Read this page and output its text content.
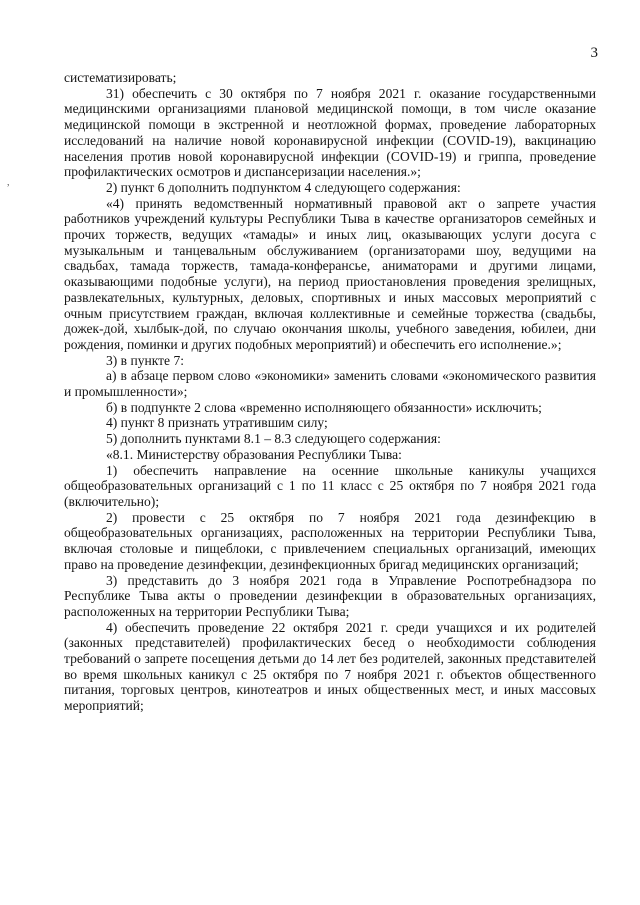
3
,

систематизировать;

31) обеспечить с 30 октября по 7 ноября 2021 г. оказание государственными медицинскими организациями плановой медицинской помощи, в том числе оказание медицинской помощи в экстренной и неотложной формах, проведение лабораторных исследований на наличие новой коронавирусной инфекции (COVID-19), вакцинацию населения против новой коронавирусной инфекции (COVID-19) и гриппа, проведение профилактических осмотров и диспансеризации населения.»;

2) пункт 6 дополнить подпунктом 4 следующего содержания:

«4) принять ведомственный нормативный правовой акт о запрете участия работников учреждений культуры Республики Тыва в качестве организаторов семейных и прочих торжеств, ведущих «тамады» и иных лиц, оказывающих услуги досуга с музыкальным и танцевальным обслуживанием (организаторами шоу, ведущими на свадьбах, тамада торжеств, тамада-конферансье, аниматорами и другими лицами, оказывающими подобные услуги), на период приостановления проведения зрелищных, развлекательных, культурных, деловых, спортивных и иных массовых мероприятий с очным присутствием граждан, включая коллективные и семейные торжества (свадьбы, дожек-дой, хылбык-дой, по случаю окончания школы, учебного заведения, юбилеи, дни рождения, поминки и других подобных мероприятий) и обеспечить его исполнение.»;

3) в пункте 7:

а) в абзаце первом слово «экономики» заменить словами «экономического развития и промышленности»;

б) в подпункте 2 слова «временно исполняющего обязанности» исключить;

4) пункт 8 признать утратившим силу;

5) дополнить пунктами 8.1 – 8.3 следующего содержания:

«8.1. Министерству образования Республики Тыва:

1) обеспечить направление на осенние школьные каникулы учащихся общеобразовательных организаций с 1 по 11 класс с 25 октября по 7 ноября 2021 года (включительно);

2) провести с 25 октября по 7 ноября 2021 года дезинфекцию в общеобразовательных организациях, расположенных на территории Республики Тыва, включая столовые и пищеблоки, с привлечением специальных организаций, имеющих право на проведение дезинфекции, дезинфекционных бригад медицинских организаций;

3) представить до 3 ноября 2021 года в Управление Роспотребнадзора по Республике Тыва акты о проведении дезинфекции в образовательных организациях, расположенных на территории Республики Тыва;

4) обеспечить проведение 22 октября 2021 г. среди учащихся и их родителей (законных представителей) профилактических бесед о необходимости соблюдения требований о запрете посещения детьми до 14 лет без родителей, законных представителей во время школьных каникул с 25 октября по 7 ноября 2021 г. объектов общественного питания, торговых центров, кинотеатров и иных общественных мест, и иных массовых мероприятий;
